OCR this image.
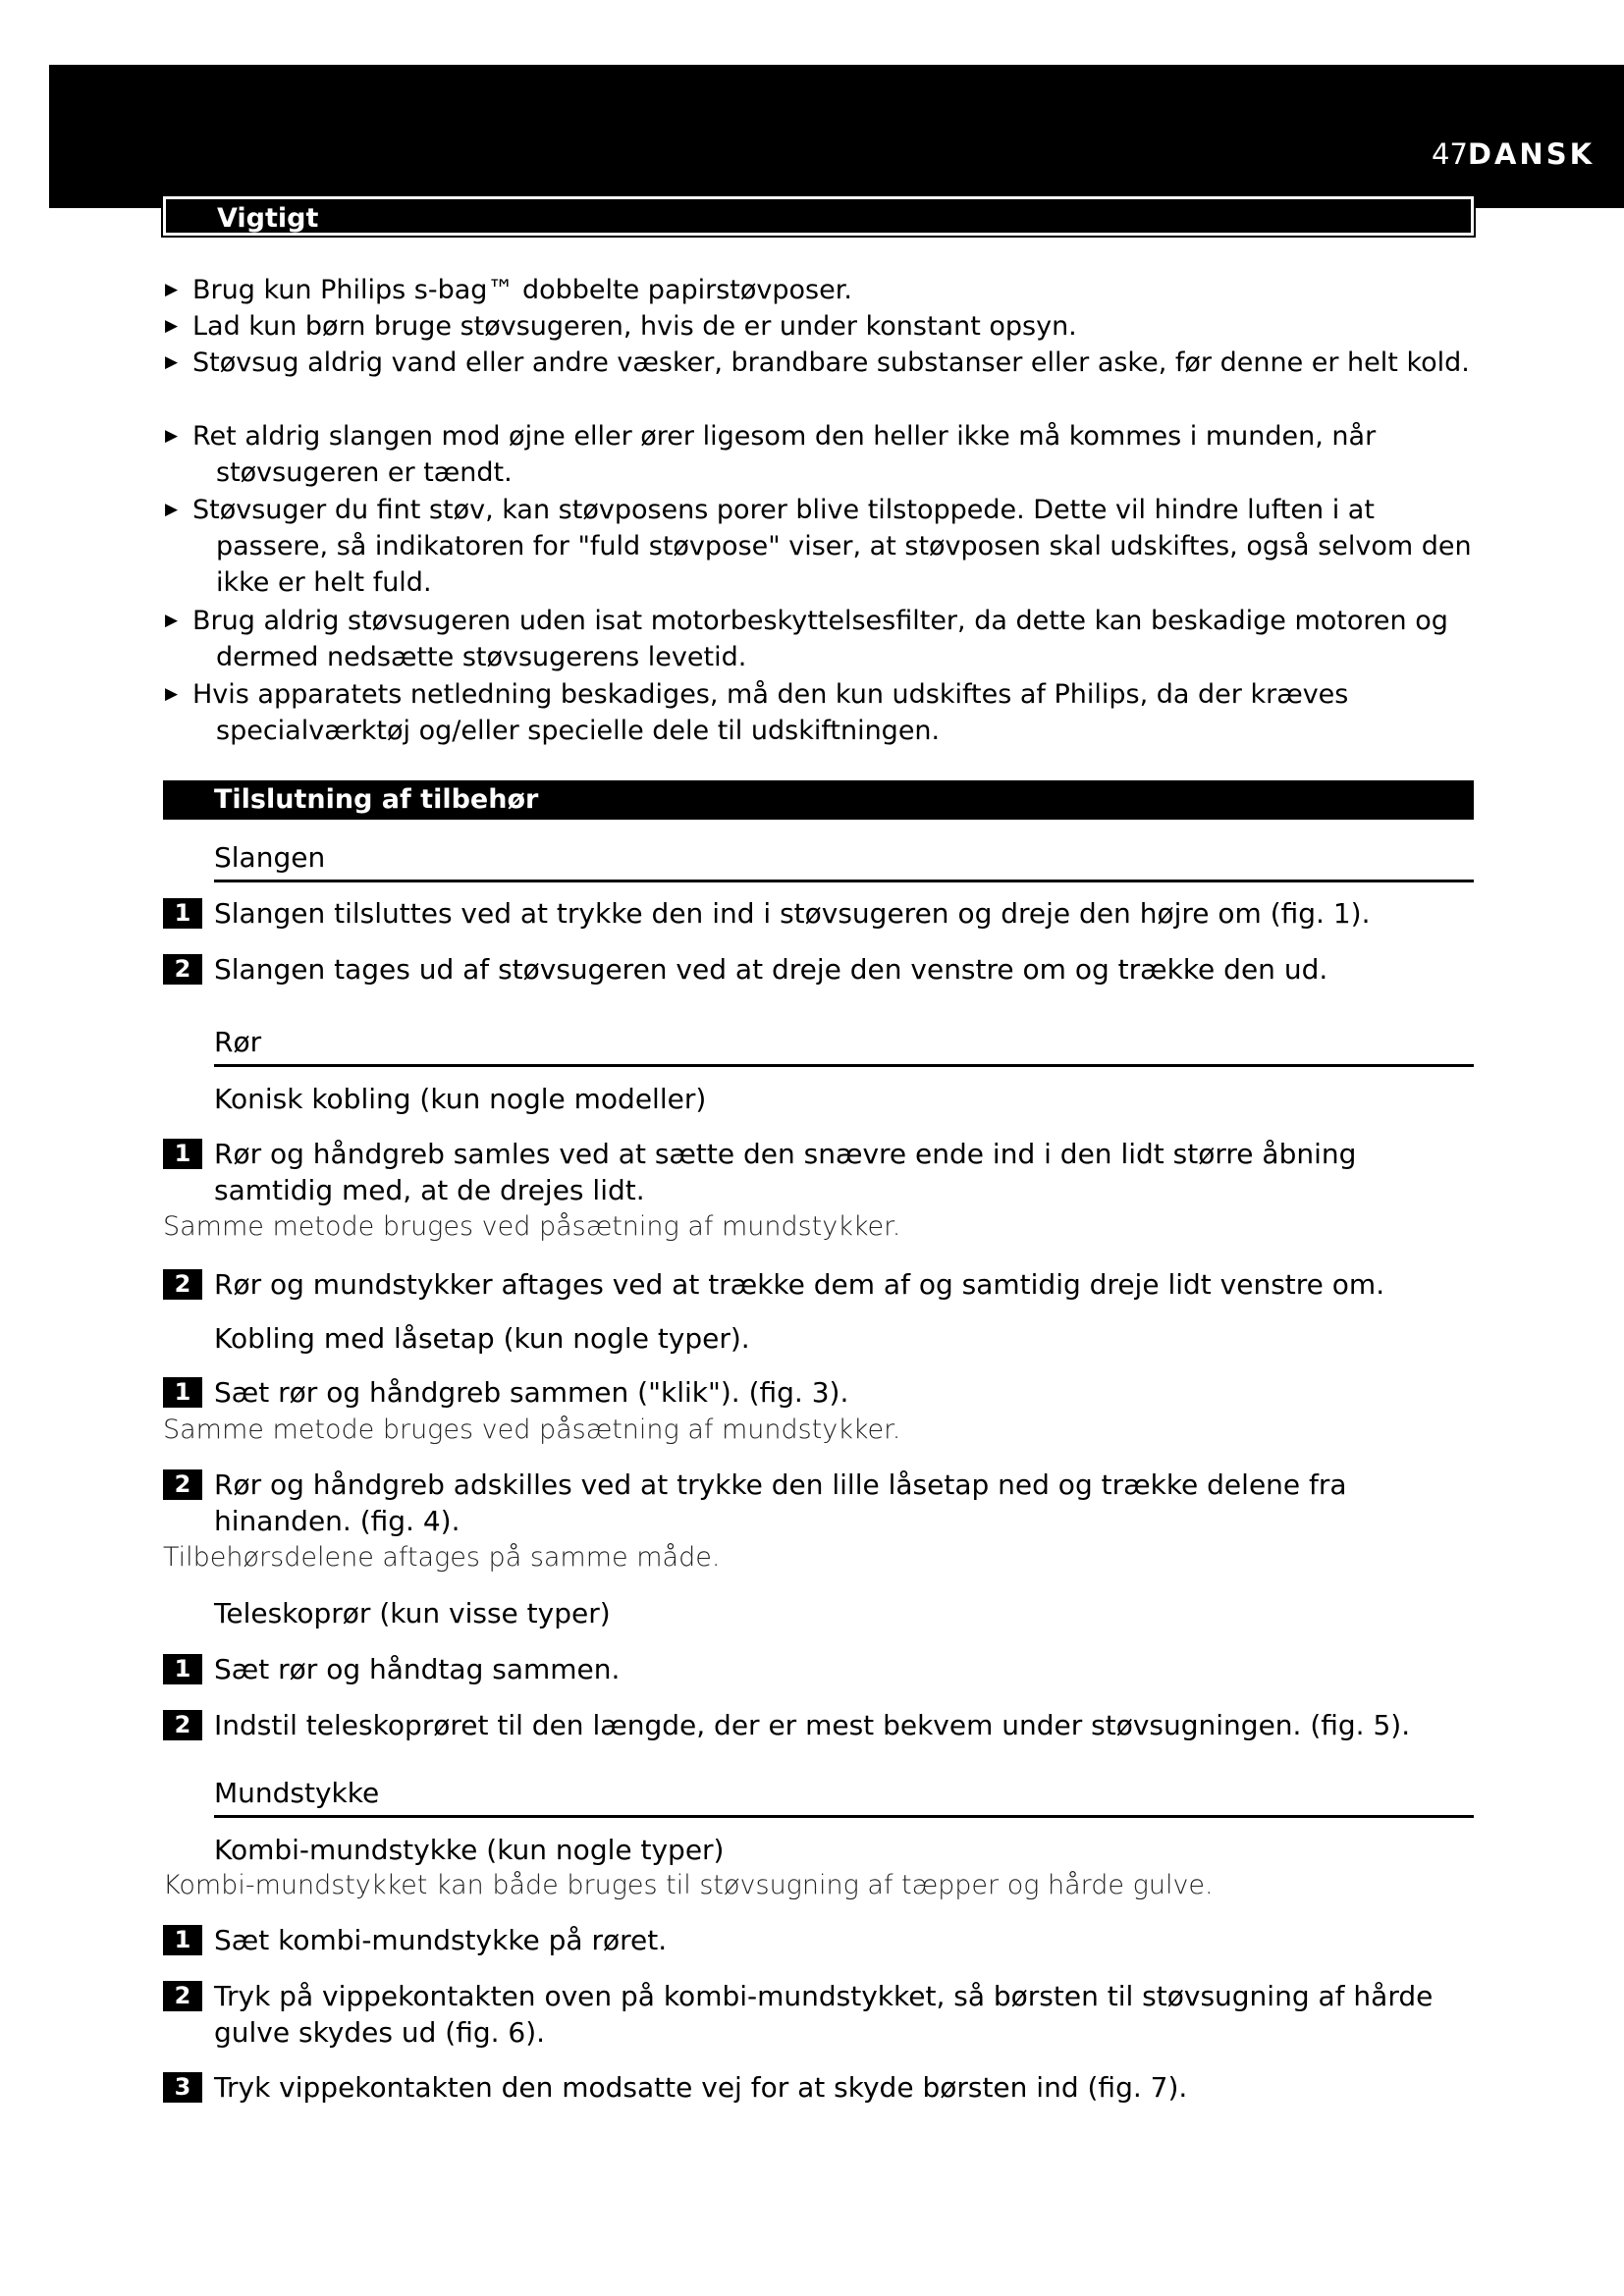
47DANSK
Vigtigt
▶ Brug kun Philips s-bag™ dobbelte papirstøvposer.
▶ Lad kun børn bruge støvsugeren, hvis de er under konstant opsyn.
▶ Støvsug aldrig vand eller andre væsker, brandbare substanser eller aske, før denne er helt kold.
▶ Ret aldrig slangen mod øjne eller ører ligesom den heller ikke må kommes i munden, når støvsugeren er tændt.
▶ Støvsuger du fint støv, kan støvposens porer blive tilstoppede. Dette vil hindre luften i at passere, så indikatoren for "fuld støvpose" viser, at støvposen skal udskiftes, også selvom den ikke er helt fuld.
▶ Brug aldrig støvsugeren uden isat motorbeskyttelsesfilter, da dette kan beskadige motoren og dermed nedsætte støvsugerens levetid.
▶ Hvis apparatets netledning beskadiges, må den kun udskiftes af Philips, da der kræves specialværktøj og/eller specielle dele til udskiftningen.
Tilslutning af tilbehør
Slangen
1 Slangen tilsluttes ved at trykke den ind i støvsugeren og dreje den højre om (fig. 1).
2 Slangen tages ud af støvsugeren ved at dreje den venstre om og trække den ud.
Rør
Konisk kobling (kun nogle modeller)
1 Rør og håndgreb samles ved at sætte den snævre ende ind i den lidt større åbning samtidig med, at de drejes lidt.
Samme metode bruges ved påsætning af mundstykker.
2 Rør og mundstykker aftages ved at trække dem af og samtidig dreje lidt venstre om.
Kobling med låsetap (kun nogle typer).
1 Sæt rør og håndgreb sammen ("klik"). (fig. 3).
Samme metode bruges ved påsætning af mundstykker.
2 Rør og håndgreb adskilles ved at trykke den lille låsetap ned og trække delene fra hinanden. (fig. 4).
Tilbehørsdelene aftages på samme måde.
Teleskoprør (kun visse typer)
1 Sæt rør og håndtag sammen.
2 Indstil teleskoprøret til den længde, der er mest bekvem under støvsugningen. (fig. 5).
Mundstykke
Kombi-mundstykke (kun nogle typer)
Kombi-mundstykket kan både bruges til støvsugning af tæpper og hårde gulve.
1 Sæt kombi-mundstykke på røret.
2 Tryk på vippekontakten oven på kombi-mundstykket, så børsten til støvsugning af hårde gulve skydes ud (fig. 6).
3 Tryk vippekontakten den modsatte vej for at skyde børsten ind (fig. 7).
